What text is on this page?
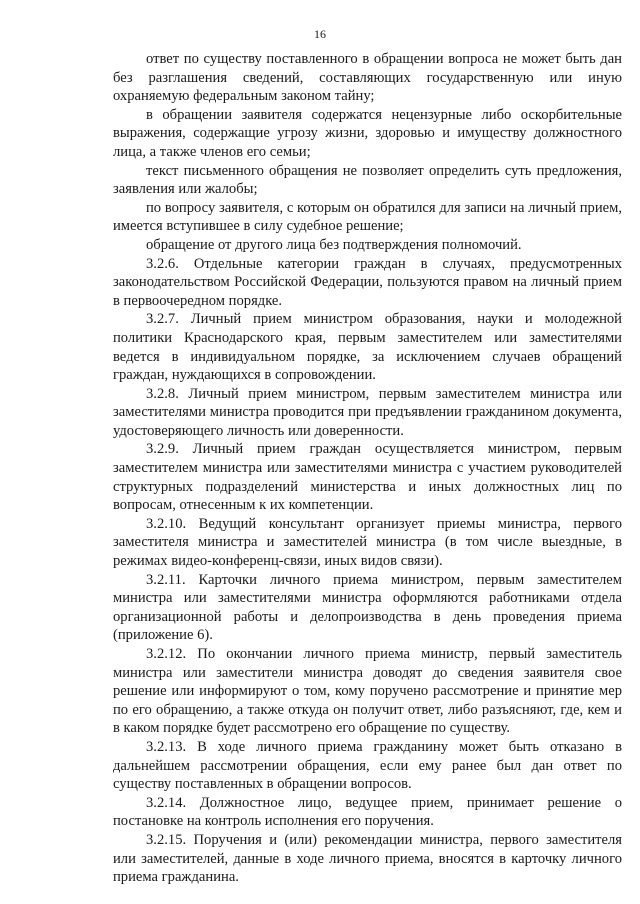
16

ответ по существу поставленного в обращении вопроса не может быть дан без разглашения сведений, составляющих государственную или иную охраняемую федеральным законом тайну;

в обращении заявителя содержатся нецензурные либо оскорбительные выражения, содержащие угрозу жизни, здоровью и имуществу должностного лица, а также членов его семьи;

текст письменного обращения не позволяет определить суть предложения, заявления или жалобы;

по вопросу заявителя, с которым он обратился для записи на личный прием, имеется вступившее в силу судебное решение;

обращение от другого лица без подтверждения полномочий.

3.2.6. Отдельные категории граждан в случаях, предусмотренных законодательством Российской Федерации, пользуются правом на личный прием в первоочередном порядке.

3.2.7. Личный прием министром образования, науки и молодежной политики Краснодарского края, первым заместителем или заместителями ведется в индивидуальном порядке, за исключением случаев обращений граждан, нуждающихся в сопровождении.

3.2.8. Личный прием министром, первым заместителем министра или заместителями министра проводится при предъявлении гражданином документа, удостоверяющего личность или доверенности.

3.2.9. Личный прием граждан осуществляется министром, первым заместителем министра или заместителями министра с участием руководителей структурных подразделений министерства и иных должностных лиц по вопросам, отнесенным к их компетенции.

3.2.10. Ведущий консультант организует приемы министра, первого заместителя министра и заместителей министра (в том числе выездные, в режимах видео-конференц-связи, иных видов связи).

3.2.11. Карточки личного приема министром, первым заместителем министра или заместителями министра оформляются работниками отдела организационной работы и делопроизводства в день проведения приема (приложение 6).

3.2.12. По окончании личного приема министр, первый заместитель министра или заместители министра доводят до сведения заявителя свое решение или информируют о том, кому поручено рассмотрение и принятие мер по его обращению, а также откуда он получит ответ, либо разъясняют, где, кем и в каком порядке будет рассмотрено его обращение по существу.

3.2.13. В ходе личного приема гражданину может быть отказано в дальнейшем рассмотрении обращения, если ему ранее был дан ответ по существу поставленных в обращении вопросов.

3.2.14. Должностное лицо, ведущее прием, принимает решение о постановке на контроль исполнения его поручения.

3.2.15. Поручения и (или) рекомендации министра, первого заместителя или заместителей, данные в ходе личного приема, вносятся в карточку личного приема гражданина.
